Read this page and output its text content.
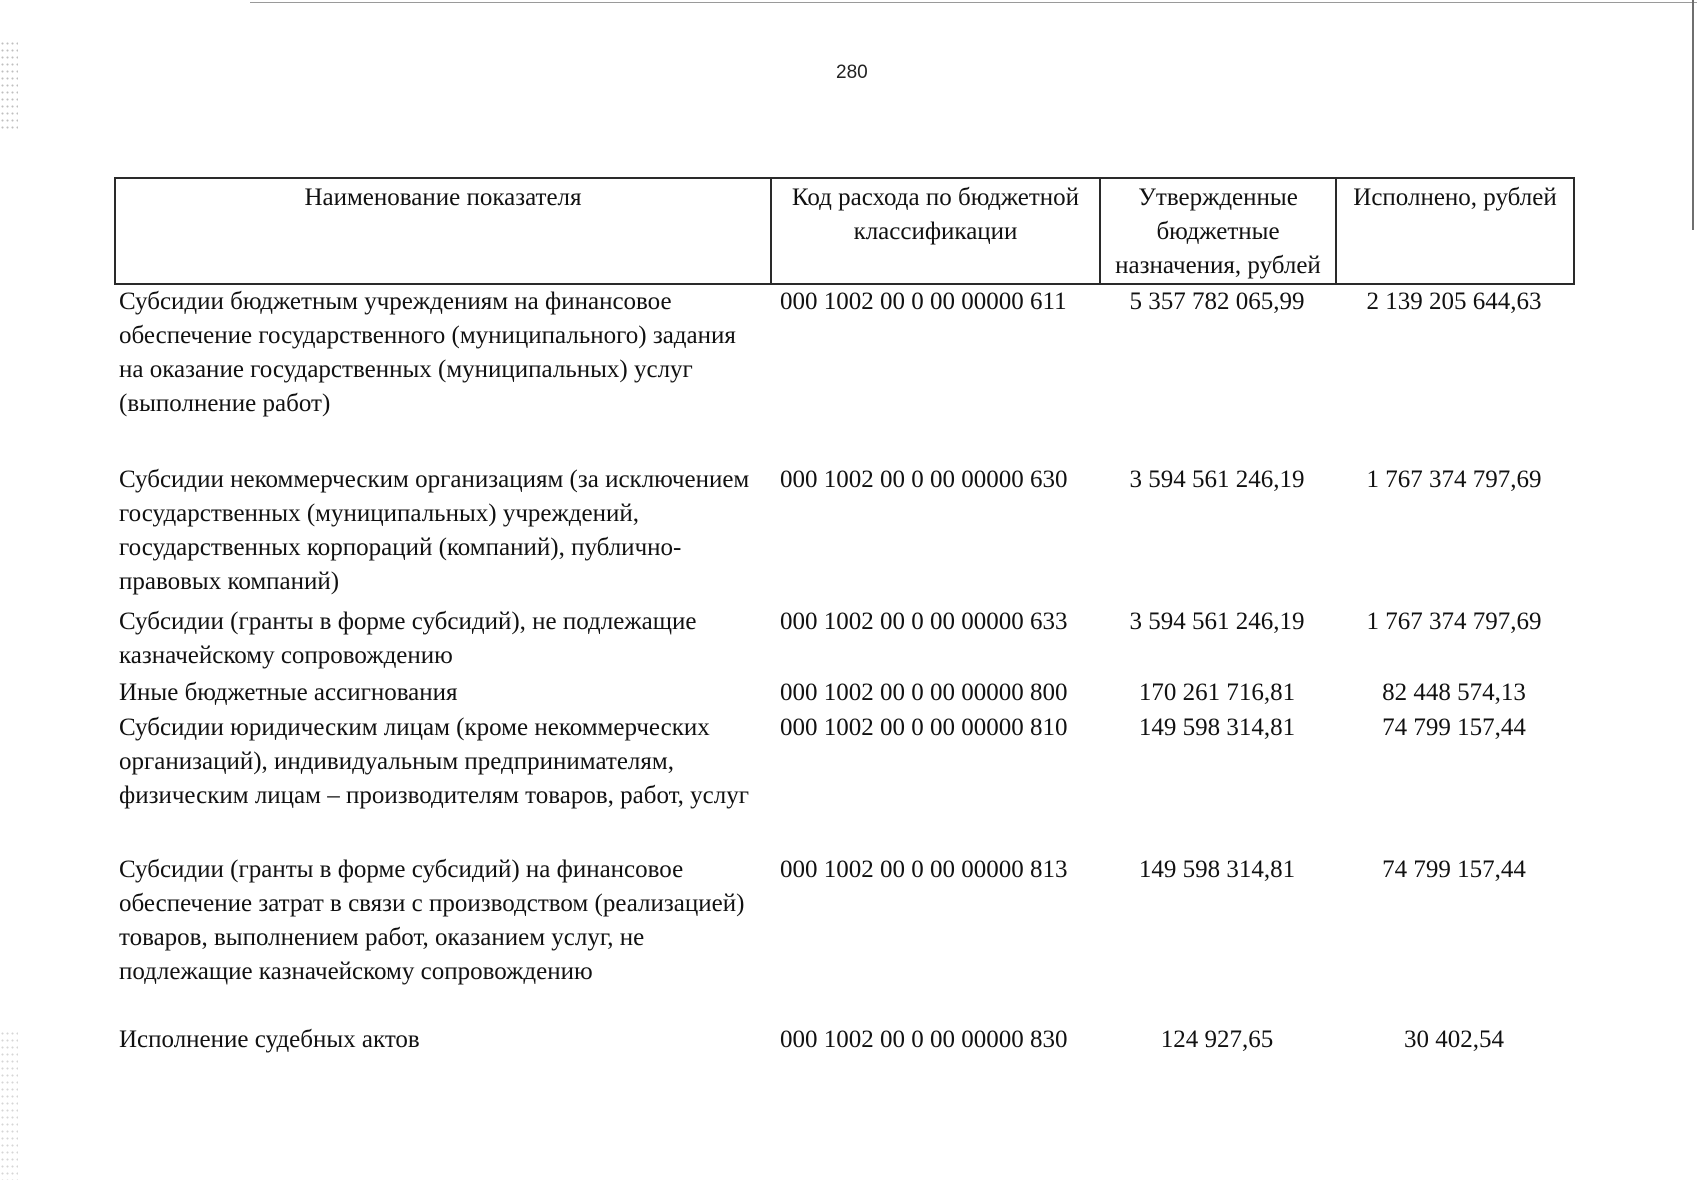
280
Наименование показателя	Код расхода по бюджетной классификации	Утвержденные бюджетные назначения, рублей	Исполнено, рублей
Субсидии бюджетным учреждениям на финансовое обеспечение государственного (муниципального) задания на оказание государственных (муниципальных) услуг (выполнение работ)	000 1002 00 0 00 00000 611	5 357 782 065,99	2 139 205 644,63
Субсидии некоммерческим организациям (за исключением государственных (муниципальных) учреждений, государственных корпораций (компаний), публично-правовых компаний)	000 1002 00 0 00 00000 630	3 594 561 246,19	1 767 374 797,69
Субсидии (гранты в форме субсидий), не подлежащие казначейскому сопровождению	000 1002 00 0 00 00000 633	3 594 561 246,19	1 767 374 797,69
Иные бюджетные ассигнования	000 1002 00 0 00 00000 800	170 261 716,81	82 448 574,13
Субсидии юридическим лицам (кроме некоммерческих организаций), индивидуальным предпринимателям, физическим лицам – производителям товаров, работ, услуг	000 1002 00 0 00 00000 810	149 598 314,81	74 799 157,44
Субсидии (гранты в форме субсидий) на финансовое обеспечение затрат в связи с производством (реализацией) товаров, выполнением работ, оказанием услуг, не подлежащие казначейскому сопровождению	000 1002 00 0 00 00000 813	149 598 314,81	74 799 157,44
Исполнение судебных актов	000 1002 00 0 00 00000 830	124 927,65	30 402,54
